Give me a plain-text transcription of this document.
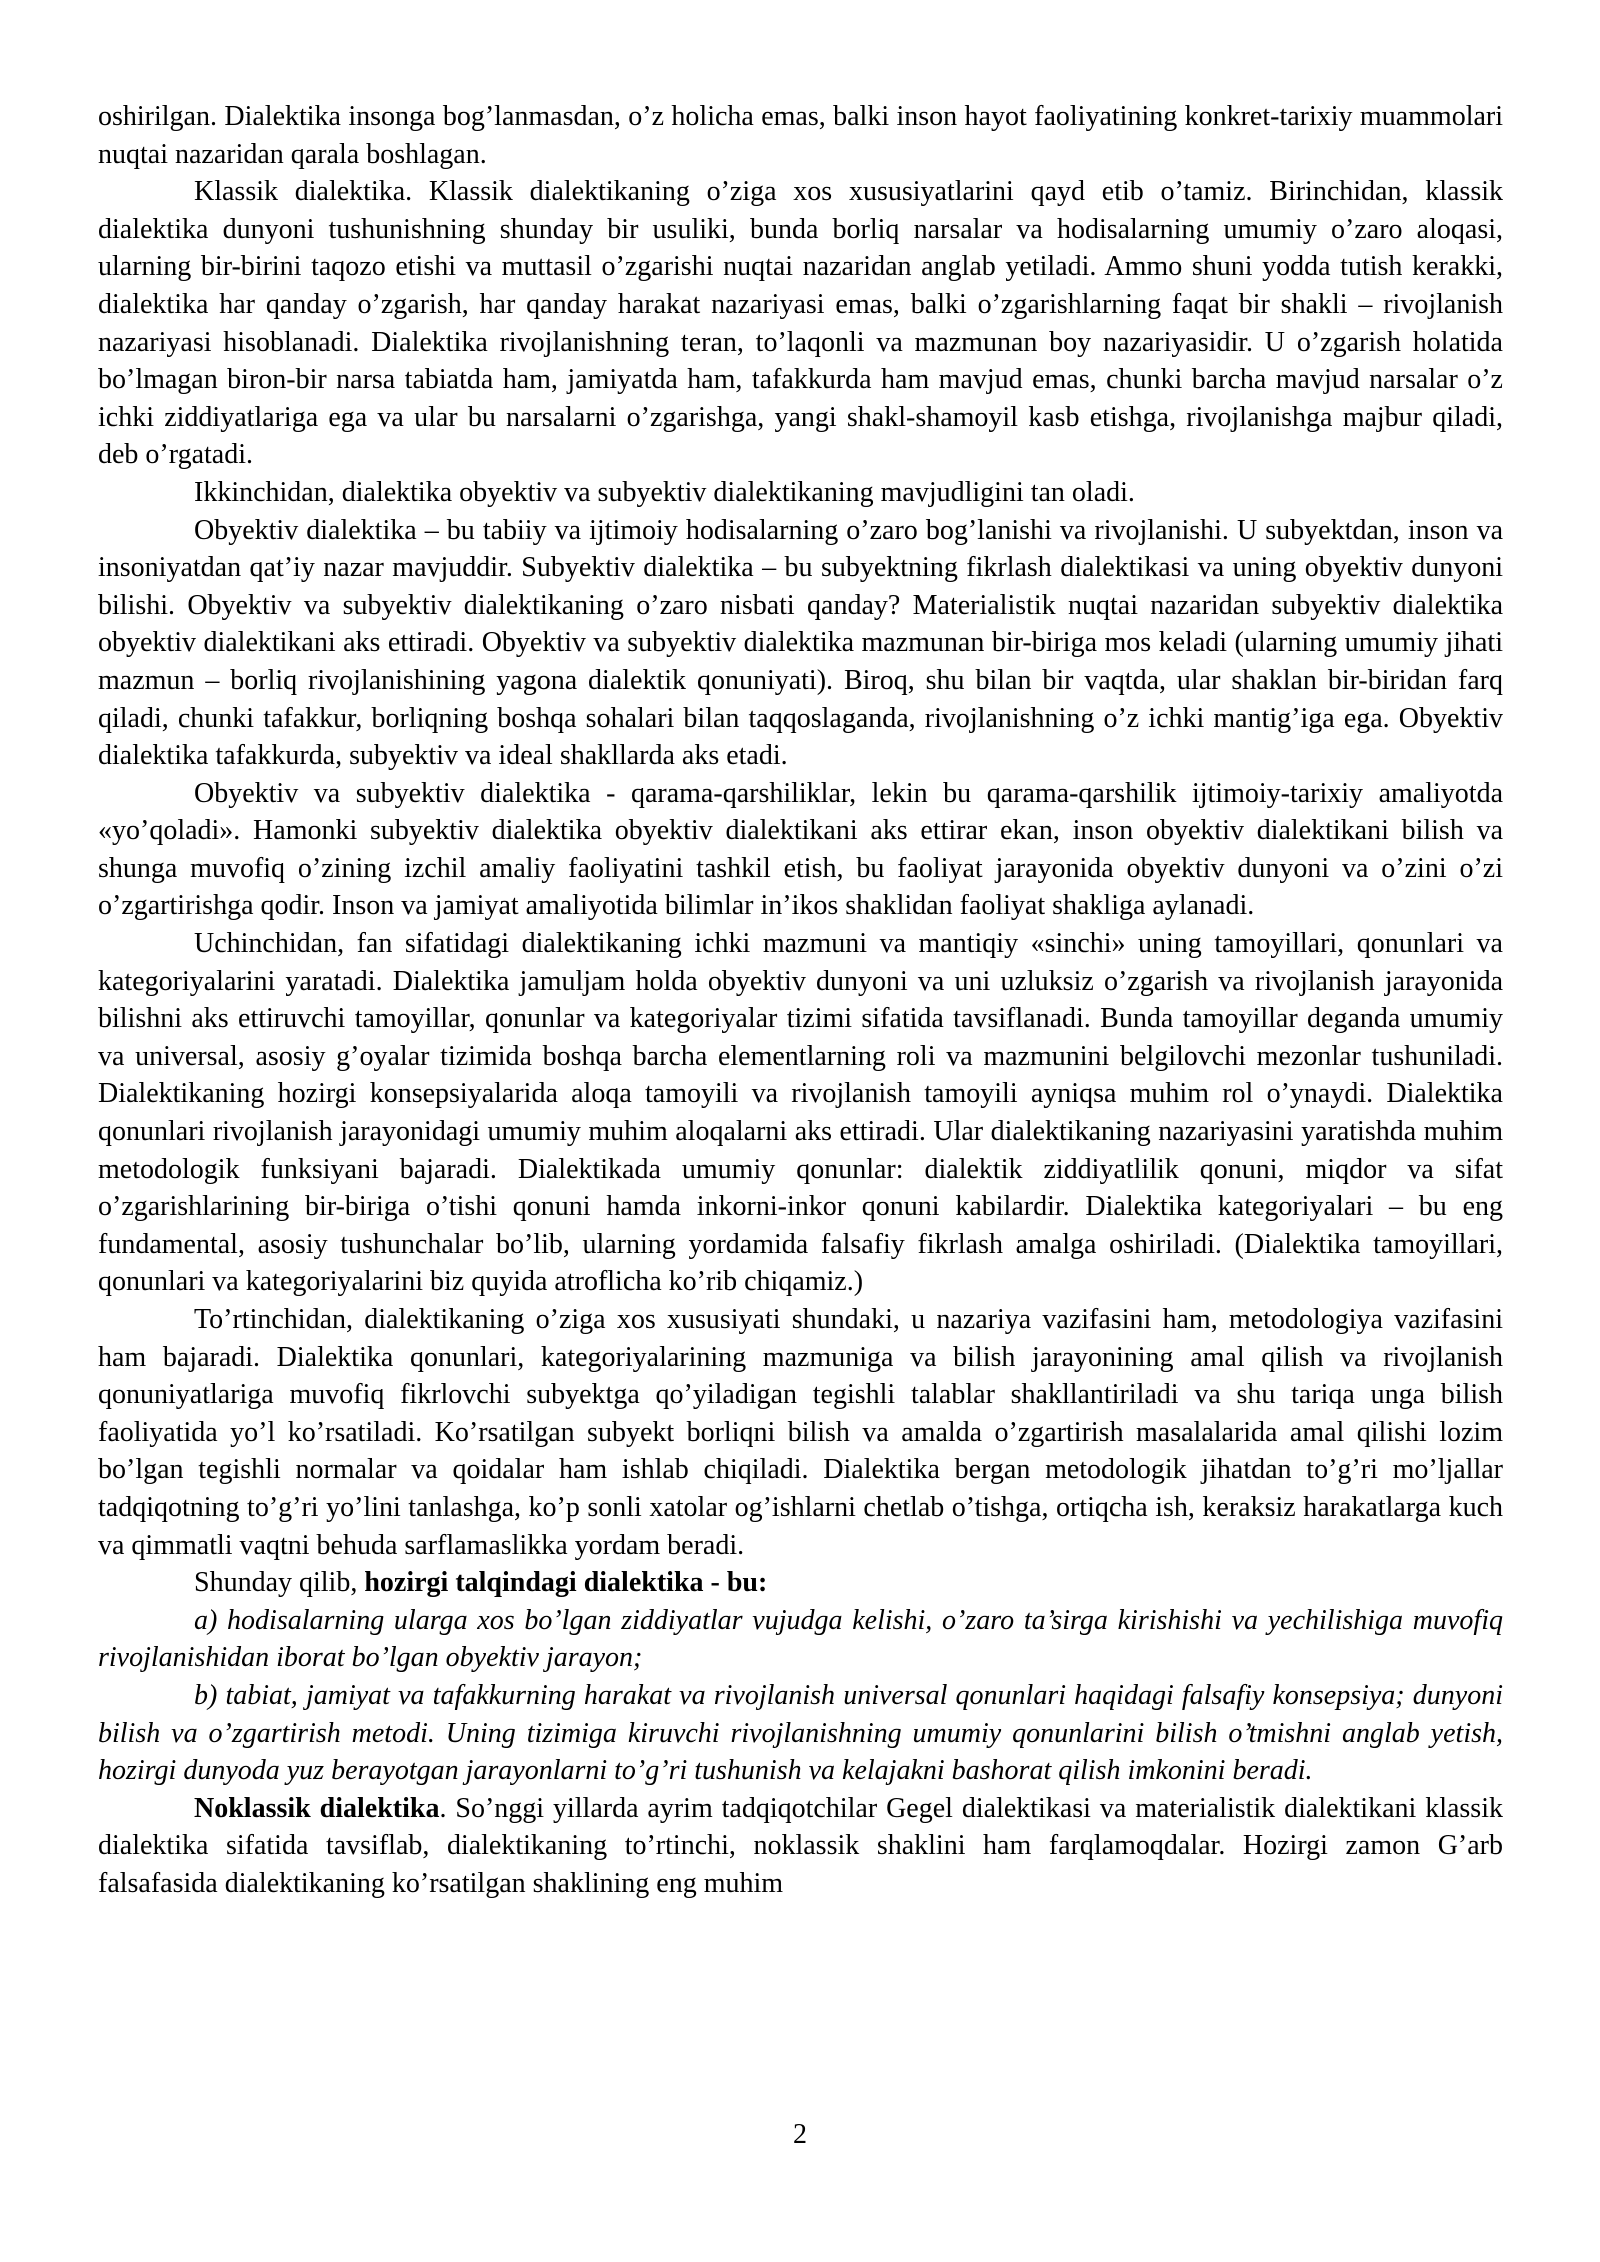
oshirilgan. Dialektika insonga bog’lanmasdan, o’z holicha emas, balki inson hayot faoliyatining konkret-tarixiy muammolari nuqtai nazaridan qarala boshlagan.

Klassik dialektika. Klassik dialektikaning o’ziga xos xususiyatlarini qayd etib o’tamiz. Birinchidan, klassik dialektika dunyoni tushunishning shunday bir usuliki, bunda borliq narsalar va hodisalarning umumiy o’zaro aloqasi, ularning bir-birini taqozo etishi va muttasil o’zgarishi nuqtai nazaridan anglab yetiladi. Ammo shuni yodda tutish kerakki, dialektika har qanday o’zgarish, har qanday harakat nazariyasi emas, balki o’zgarishlarning faqat bir shakli – rivojlanish nazariyasi hisoblanadi. Dialektika rivojlanishning teran, to’laqonli va mazmunan boy nazariyasidir. U o’zgarish holatida bo’lmagan biron-bir narsa tabiatda ham, jamiyatda ham, tafakkurda ham mavjud emas, chunki barcha mavjud narsalar o’z ichki ziddiyatlariga ega va ular bu narsalarni o’zgarishga, yangi shakl-shamoyil kasb etishga, rivojlanishga majbur qiladi, deb o’rgatadi.

Ikkinchidan, dialektika obyektiv va subyektiv dialektikaning mavjudligini tan oladi.

Obyektiv dialektika – bu tabiiy va ijtimoiy hodisalarning o’zaro bog’lanishi va rivojlanishi. U subyektdan, inson va insoniyatdan qat’iy nazar mavjuddir. Subyektiv dialektika – bu subyektning fikrlash dialektikasi va uning obyektiv dunyoni bilishi. Obyektiv va subyektiv dialektikaning o’zaro nisbati qanday? Materialistik nuqtai nazaridan subyektiv dialektika obyektiv dialektikani aks ettiradi. Obyektiv va subyektiv dialektika mazmunan bir-biriga mos keladi (ularning umumiy jihati mazmun – borliq rivojlanishining yagona dialektik qonuniyati). Biroq, shu bilan bir vaqtda, ular shaklan bir-biridan farq qiladi, chunki tafakkur, borliqning boshqa sohalari bilan taqqoslaganda, rivojlanishning o’z ichki mantig’iga ega. Obyektiv dialektika tafakkurda, subyektiv va ideal shakllarda aks etadi.

Obyektiv va subyektiv dialektika - qarama-qarshiliklar, lekin bu qarama-qarshilik ijtimoiy-tarixiy amaliyotda «yo’qoladi». Hamonki subyektiv dialektika obyektiv dialektikani aks ettirar ekan, inson obyektiv dialektikani bilish va shunga muvofiq o’zining izchil amaliy faoliyatini tashkil etish, bu faoliyat jarayonida obyektiv dunyoni va o’zini o’zi o’zgartirishga qodir. Inson va jamiyat amaliyotida bilimlar in’ikos shaklidan faoliyat shakliga aylanadi.

Uchinchidan, fan sifatidagi dialektikaning ichki mazmuni va mantiqiy «sinchi» uning tamoyillari, qonunlari va kategoriyalarini yaratadi. Dialektika jamuljam holda obyektiv dunyoni va uni uzluksiz o’zgarish va rivojlanish jarayonida bilishni aks ettiruvchi tamoyillar, qonunlar va kategoriyalar tizimi sifatida tavsiflanadi. Bunda tamoyillar deganda umumiy va universal, asosiy g’oyalar tizimida boshqa barcha elementlarning roli va mazmunini belgilovchi mezonlar tushuniladi. Dialektikaning hozirgi konsepsiyalarida aloqa tamoyili va rivojlanish tamoyili ayniqsa muhim rol o’ynaydi. Dialektika qonunlari rivojlanish jarayonidagi umumiy muhim aloqalarni aks ettiradi. Ular dialektikaning nazariyasini yaratishda muhim metodologik funksiyani bajaradi. Dialektikada umumiy qonunlar: dialektik ziddiyatlilik qonuni, miqdor va sifat o’zgarishlarining bir-biriga o’tishi qonuni hamda inkorni-inkor qonuni kabilardir. Dialektika kategoriyalari – bu eng fundamental, asosiy tushunchalar bo’lib, ularning yordamida falsafiy fikrlash amalga oshiriladi. (Dialektika tamoyillari, qonunlari va kategoriyalarini biz quyida atroflicha ko’rib chiqamiz.)

To’rtinchidan, dialektikaning o’ziga xos xususiyati shundaki, u nazariya vazifasini ham, metodologiya vazifasini ham bajaradi. Dialektika qonunlari, kategoriyalarining mazmuniga va bilish jarayonining amal qilish va rivojlanish qonuniyatlariga muvofiq fikrlovchi subyektga qo’yiladigan tegishli talablar shakllantiriladi va shu tariqa unga bilish faoliyatida yo’l ko’rsatiladi. Ko’rsatilgan subyekt borliqni bilish va amalda o’zgartirish masalalarida amal qilishi lozim bo’lgan tegishli normalar va qoidalar ham ishlab chiqiladi. Dialektika bergan metodologik jihatdan to’g’ri mo’ljallar tadqiqotning to’g’ri yo’lini tanlashga, ko’p sonli xatolar og’ishlarni chetlab o’tishga, ortiqcha ish, keraksiz harakatlarga kuch va qimmatli vaqtni behuda sarflamaslikka yordam beradi.

Shunday qilib, hozirgi talqindagi dialektika - bu:

a) hodisalarning ularga xos bo’lgan ziddiyatlar vujudga kelishi, o’zaro ta’sirga kirishishi va yechilishiga muvofiq rivojlanishidan iborat bo’lgan obyektiv jarayon;

b) tabiat, jamiyat va tafakkurning harakat va rivojlanish universal qonunlari haqidagi falsafiy konsepsiya; dunyoni bilish va o’zgartirish metodi. Uning tizimiga kiruvchi rivojlanishning umumiy qonunlarini bilish o’tmishni anglab yetish, hozirgi dunyoda yuz berayotgan jarayonlarni to’g’ri tushunish va kelajakni bashorat qilish imkonini beradi.

Noklassik dialektika. So’nggi yillarda ayrim tadqiqotchilar Gegel dialektikasi va materialistik dialektikani klassik dialektika sifatida tavsiflab, dialektikaning to’rtinchi, noklassik shaklini ham farqlamoqdalar. Hozirgi zamon G’arb falsafasida dialektikaning ko’rsatilgan shaklining eng muhim

2
